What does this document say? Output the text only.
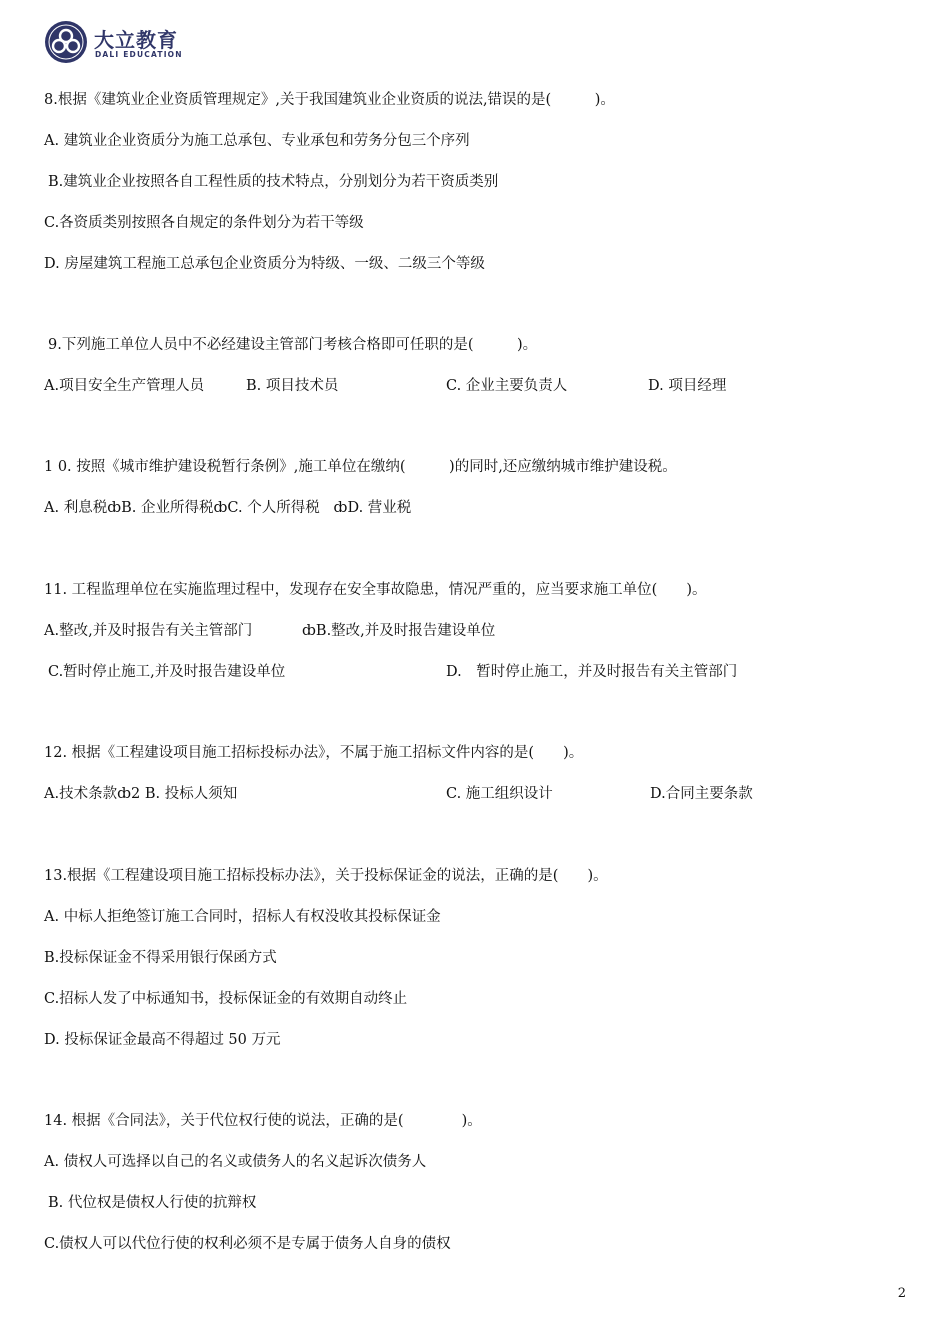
大立教育
DALI EDUCATION
8.根据《建筑业企业资质管理规定》,关于我国建筑业企业资质的说法,错误的是(　　　)。
A. 建筑业企业资质分为施工总承包、专业承包和劳务分包三个序列
B.建筑业企业按照各自工程性质的技术特点，分别划分为若干资质类别
C.各资质类别按照各自规定的条件划分为若干等级
D. 房屋建筑工程施工总承包企业资质分为特级、一级、二级三个等级
9.下列施工单位人员中不必经建设主管部门考核合格即可任职的是(　　　)。
A.项目安全生产管理人员	B. 项目技术员	C. 企业主要负责人	D. 项目经理
1 0. 按照《城市维护建设税暂行条例》,施工单位在缴纳(　　　)的同时,还应缴纳城市维护建设税。
A. 利息税ȸB. 企业所得税ȸC. 个人所得税 ȸD. 营业税
11. 工程监理单位在实施监理过程中，发现存在安全事故隐患，情况严重的，应当要求施工单位(　　)。
A.整改,并及时报告有关主管部门	ȸB.整改,并及时报告建设单位
C.暂时停止施工,并及时报告建设单位	D.　暂时停止施工，并及时报告有关主管部门
12. 根据《工程建设项目施工招标投标办法》，不属于施工招标文件内容的是(　　)。
A.技术条款ȸ2 B. 投标人须知	C. 施工组织设计	D.合同主要条款
13.根据《工程建设项目施工招标投标办法》，关于投标保证金的说法，正确的是(　　)。
A. 中标人拒绝签订施工合同时，招标人有权没收其投标保证金
B.投标保证金不得采用银行保函方式
C.招标人发了中标通知书，投标保证金的有效期自动终止
D. 投标保证金最高不得超过 50 万元
14. 根据《合同法》，关于代位权行使的说法，正确的是(　　　　)。
A. 债权人可选择以自己的名义或债务人的名义起诉次债务人
B. 代位权是债权人行使的抗辩权
C.债权人可以代位行使的权利必须不是专属于债务人自身的债权
2
